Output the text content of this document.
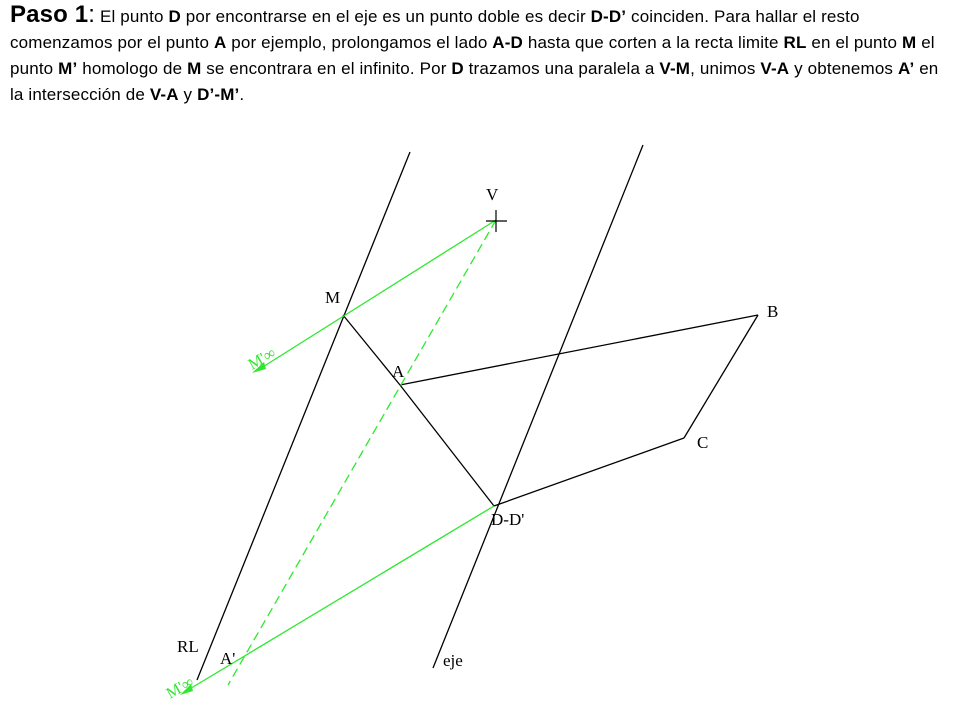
Paso 1: El punto D por encontrarse en el eje es un punto doble es decir D-D’ coinciden. Para hallar el resto comenzamos por el punto A por ejemplo, prolongamos el lado A-D hasta que corten a la recta limite RL en el punto M el punto M’ homologo de M se encontrara en el infinito. Por D trazamos una paralela a V-M, unimos V-A y obtenemos A’ en la intersección de V-A y D’-M’.
V
M
A
B
C
D-D'
RL
A'	eje
M'∞
M'∞
